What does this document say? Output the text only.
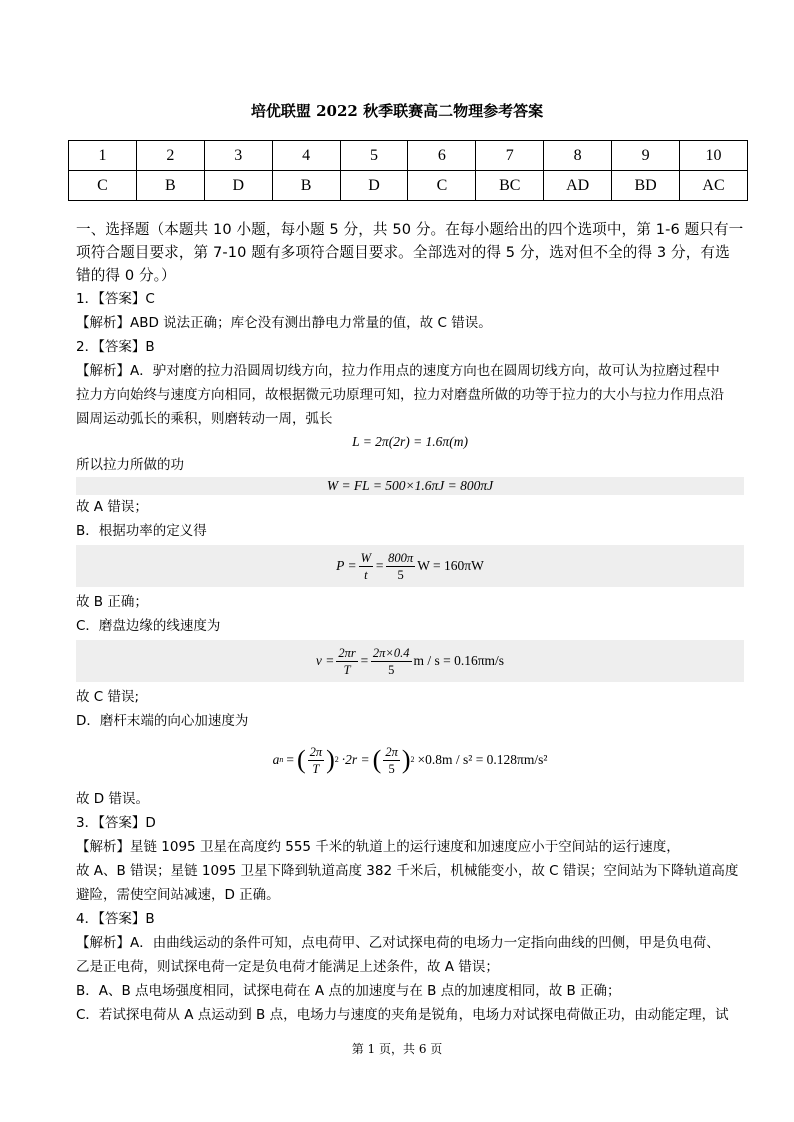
培优联盟 2022 秋季联赛高二物理参考答案
1	2	3	4	5	6	7	8	9	10
C	B	D	B	D	C	BC	AD	BD	AC

一、选择题（本题共 10 小题，每小题 5 分，共 50 分。在每小题给出的四个选项中，第 1-6 题只有一项符合题目要求，第 7-10 题有多项符合题目要求。全部选对的得 5 分，选对但不全的得 3 分，有选错的得 0 分。）

1．【答案】C

【解析】ABD 说法正确；库仑没有测出静电力常量的值，故 C 错误。

2．【答案】B

【解析】A．驴对磨的拉力沿圆周切线方向，拉力作用点的速度方向也在圆周切线方向，故可认为拉磨过程中

拉力方向始终与速度方向相同，故根据微元功原理可知，拉力对磨盘所做的功等于拉力的大小与拉力作用点沿

圆周运动弧长的乘积，则磨转动一周，弧长

L = 2π(2r) = 1.6π(m)

所以拉力所做的功

W = FL = 500×1.6πJ = 800πJ

故 A 错误；

B．根据功率的定义得

$P = \frac{W}{t} = \frac{800\pi}{5}$ W = 160πW

故 B 正确；

C．磨盘边缘的线速度为

$v = \frac{2\pi r}{T} = \frac{2\pi\times 0.4}{5}$ m / s = 0.16πm/s

故 C 错误;

D．磨杆末端的向心加速度为

a n = ( $\frac{2\pi}{T}$ ) 2 ·2r = ( $\frac{2\pi}{5}$ ) 2 ×0.8m / s² = 0.128πm/s²

故 D 错误。

3．【答案】D

【解析】星链 1095 卫星在高度约 555 千米的轨道上的运行速度和加速度应小于空间站的运行速度，

故 A、B 错误；星链 1095 卫星下降到轨道高度 382 千米后，机械能变小，故 C 错误；空间站为下降轨道高度

避险，需使空间站减速，D 正确。

4．【答案】B

【解析】A．由曲线运动的条件可知，点电荷甲、乙对试探电荷的电场力一定指向曲线的凹侧，甲是负电荷、

乙是正电荷，则试探电荷一定是负电荷才能满足上述条件，故 A 错误；

B．A、B 点电场强度相同，试探电荷在 A 点的加速度与在 B 点的加速度相同，故 B 正确；

C．若试探电荷从 A 点运动到 B 点，电场力与速度的夹角是锐角，电场力对试探电荷做正功，由动能定理，试

第 1 页，共 6 页
